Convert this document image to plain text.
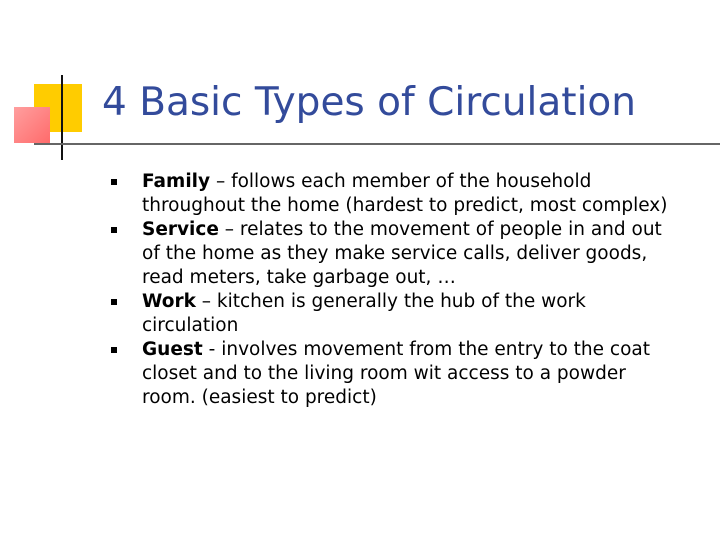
4 Basic Types of Circulation
Family – follows each member of the household throughout the home (hardest to predict, most complex)
Service – relates to the movement of people in and out of the home as they make service calls, deliver goods, read meters, take garbage out, …
Work – kitchen is generally the hub of the work circulation
Guest - involves movement from the entry to the coat closet and to the living room wit access to a powder room. (easiest to predict)
